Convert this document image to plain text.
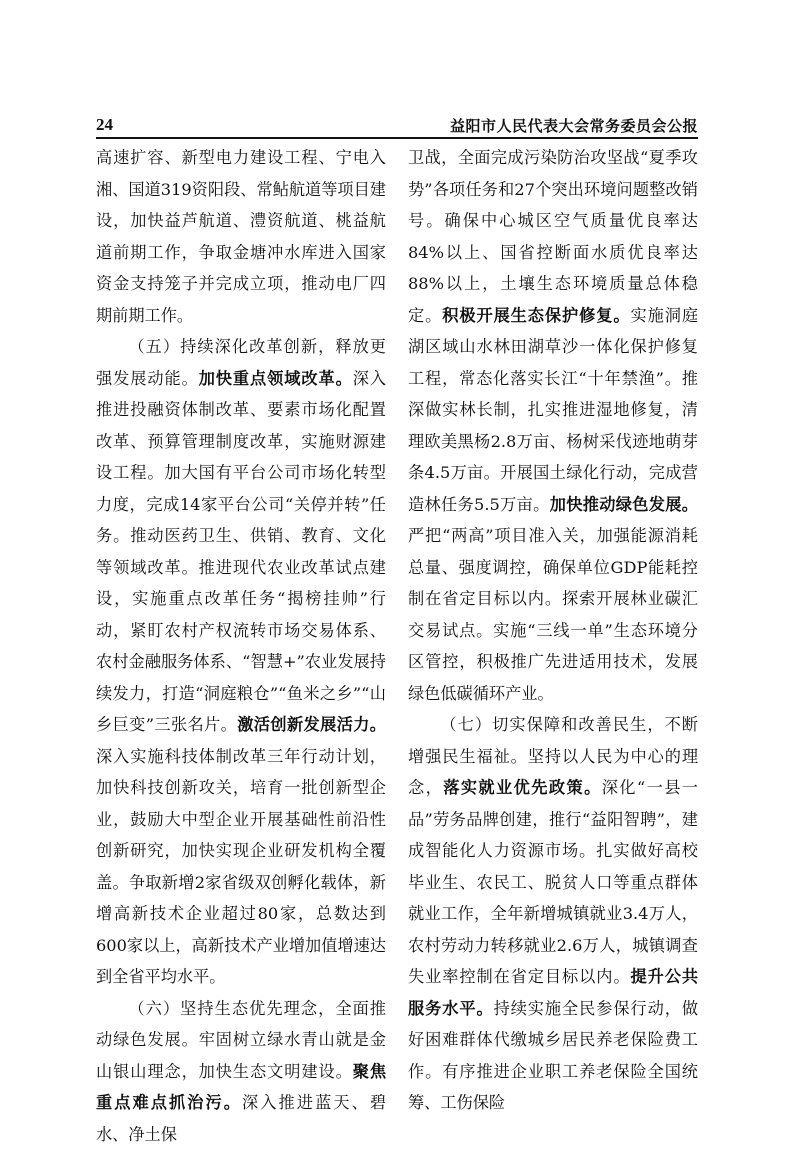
24	益阳市人民代表大会常务委员会公报

高速扩容、新型电力建设工程、宁电入湘、国道319资阳段、常鲇航道等项目建设，加快益芦航道、澧资航道、桃益航道前期工作，争取金塘冲水库进入国家资金支持笼子并完成立项，推动电厂四期前期工作。

（五）持续深化改革创新，释放更强发展动能。加快重点领域改革。深入推进投融资体制改革、要素市场化配置改革、预算管理制度改革，实施财源建设工程。加大国有平台公司市场化转型力度，完成14家平台公司“关停并转”任务。推动医药卫生、供销、教育、文化等领域改革。推进现代农业改革试点建设，实施重点改革任务“揭榜挂帅”行动，紧盯农村产权流转市场交易体系、农村金融服务体系、“智慧+”农业发展持续发力，打造“洞庭粮仓”“鱼米之乡”“山乡巨变”三张名片。激活创新发展活力。深入实施科技体制改革三年行动计划，加快科技创新攻关，培育一批创新型企业，鼓励大中型企业开展基础性前沿性创新研究，加快实现企业研发机构全覆盖。争取新增2家省级双创孵化载体，新增高新技术企业超过80家，总数达到600家以上，高新技术产业增加值增速达到全省平均水平。

（六）坚持生态优先理念，全面推动绿色发展。牢固树立绿水青山就是金山银山理念，加快生态文明建设。聚焦重点难点抓治污。深入推进蓝天、碧水、净土保

卫战，全面完成污染防治攻坚战“夏季攻势”各项任务和27个突出环境问题整改销号。确保中心城区空气质量优良率达84%以上、国省控断面水质优良率达88%以上，土壤生态环境质量总体稳定。积极开展生态保护修复。实施洞庭湖区域山水林田湖草沙一体化保护修复工程，常态化落实长江“十年禁渔”。推深做实林长制，扎实推进湿地修复，清理欧美黑杨2.8万亩、杨树采伐迹地萌芽条4.5万亩。开展国土绿化行动，完成营造林任务5.5万亩。加快推动绿色发展。严把“两高”项目准入关，加强能源消耗总量、强度调控，确保单位GDP能耗控制在省定目标以内。探索开展林业碳汇交易试点。实施“三线一单”生态环境分区管控，积极推广先进适用技术，发展绿色低碳循环产业。

（七）切实保障和改善民生，不断增强民生福祉。坚持以人民为中心的理念，落实就业优先政策。深化“一县一品”劳务品牌创建，推行“益阳智聘”，建成智能化人力资源市场。扎实做好高校毕业生、农民工、脱贫人口等重点群体就业工作，全年新增城镇就业3.4万人，农村劳动力转移就业2.6万人，城镇调查失业率控制在省定目标以内。提升公共服务水平。持续实施全民参保行动，做好困难群体代缴城乡居民养老保险费工作。有序推进企业职工养老保险全国统筹、工伤保险
